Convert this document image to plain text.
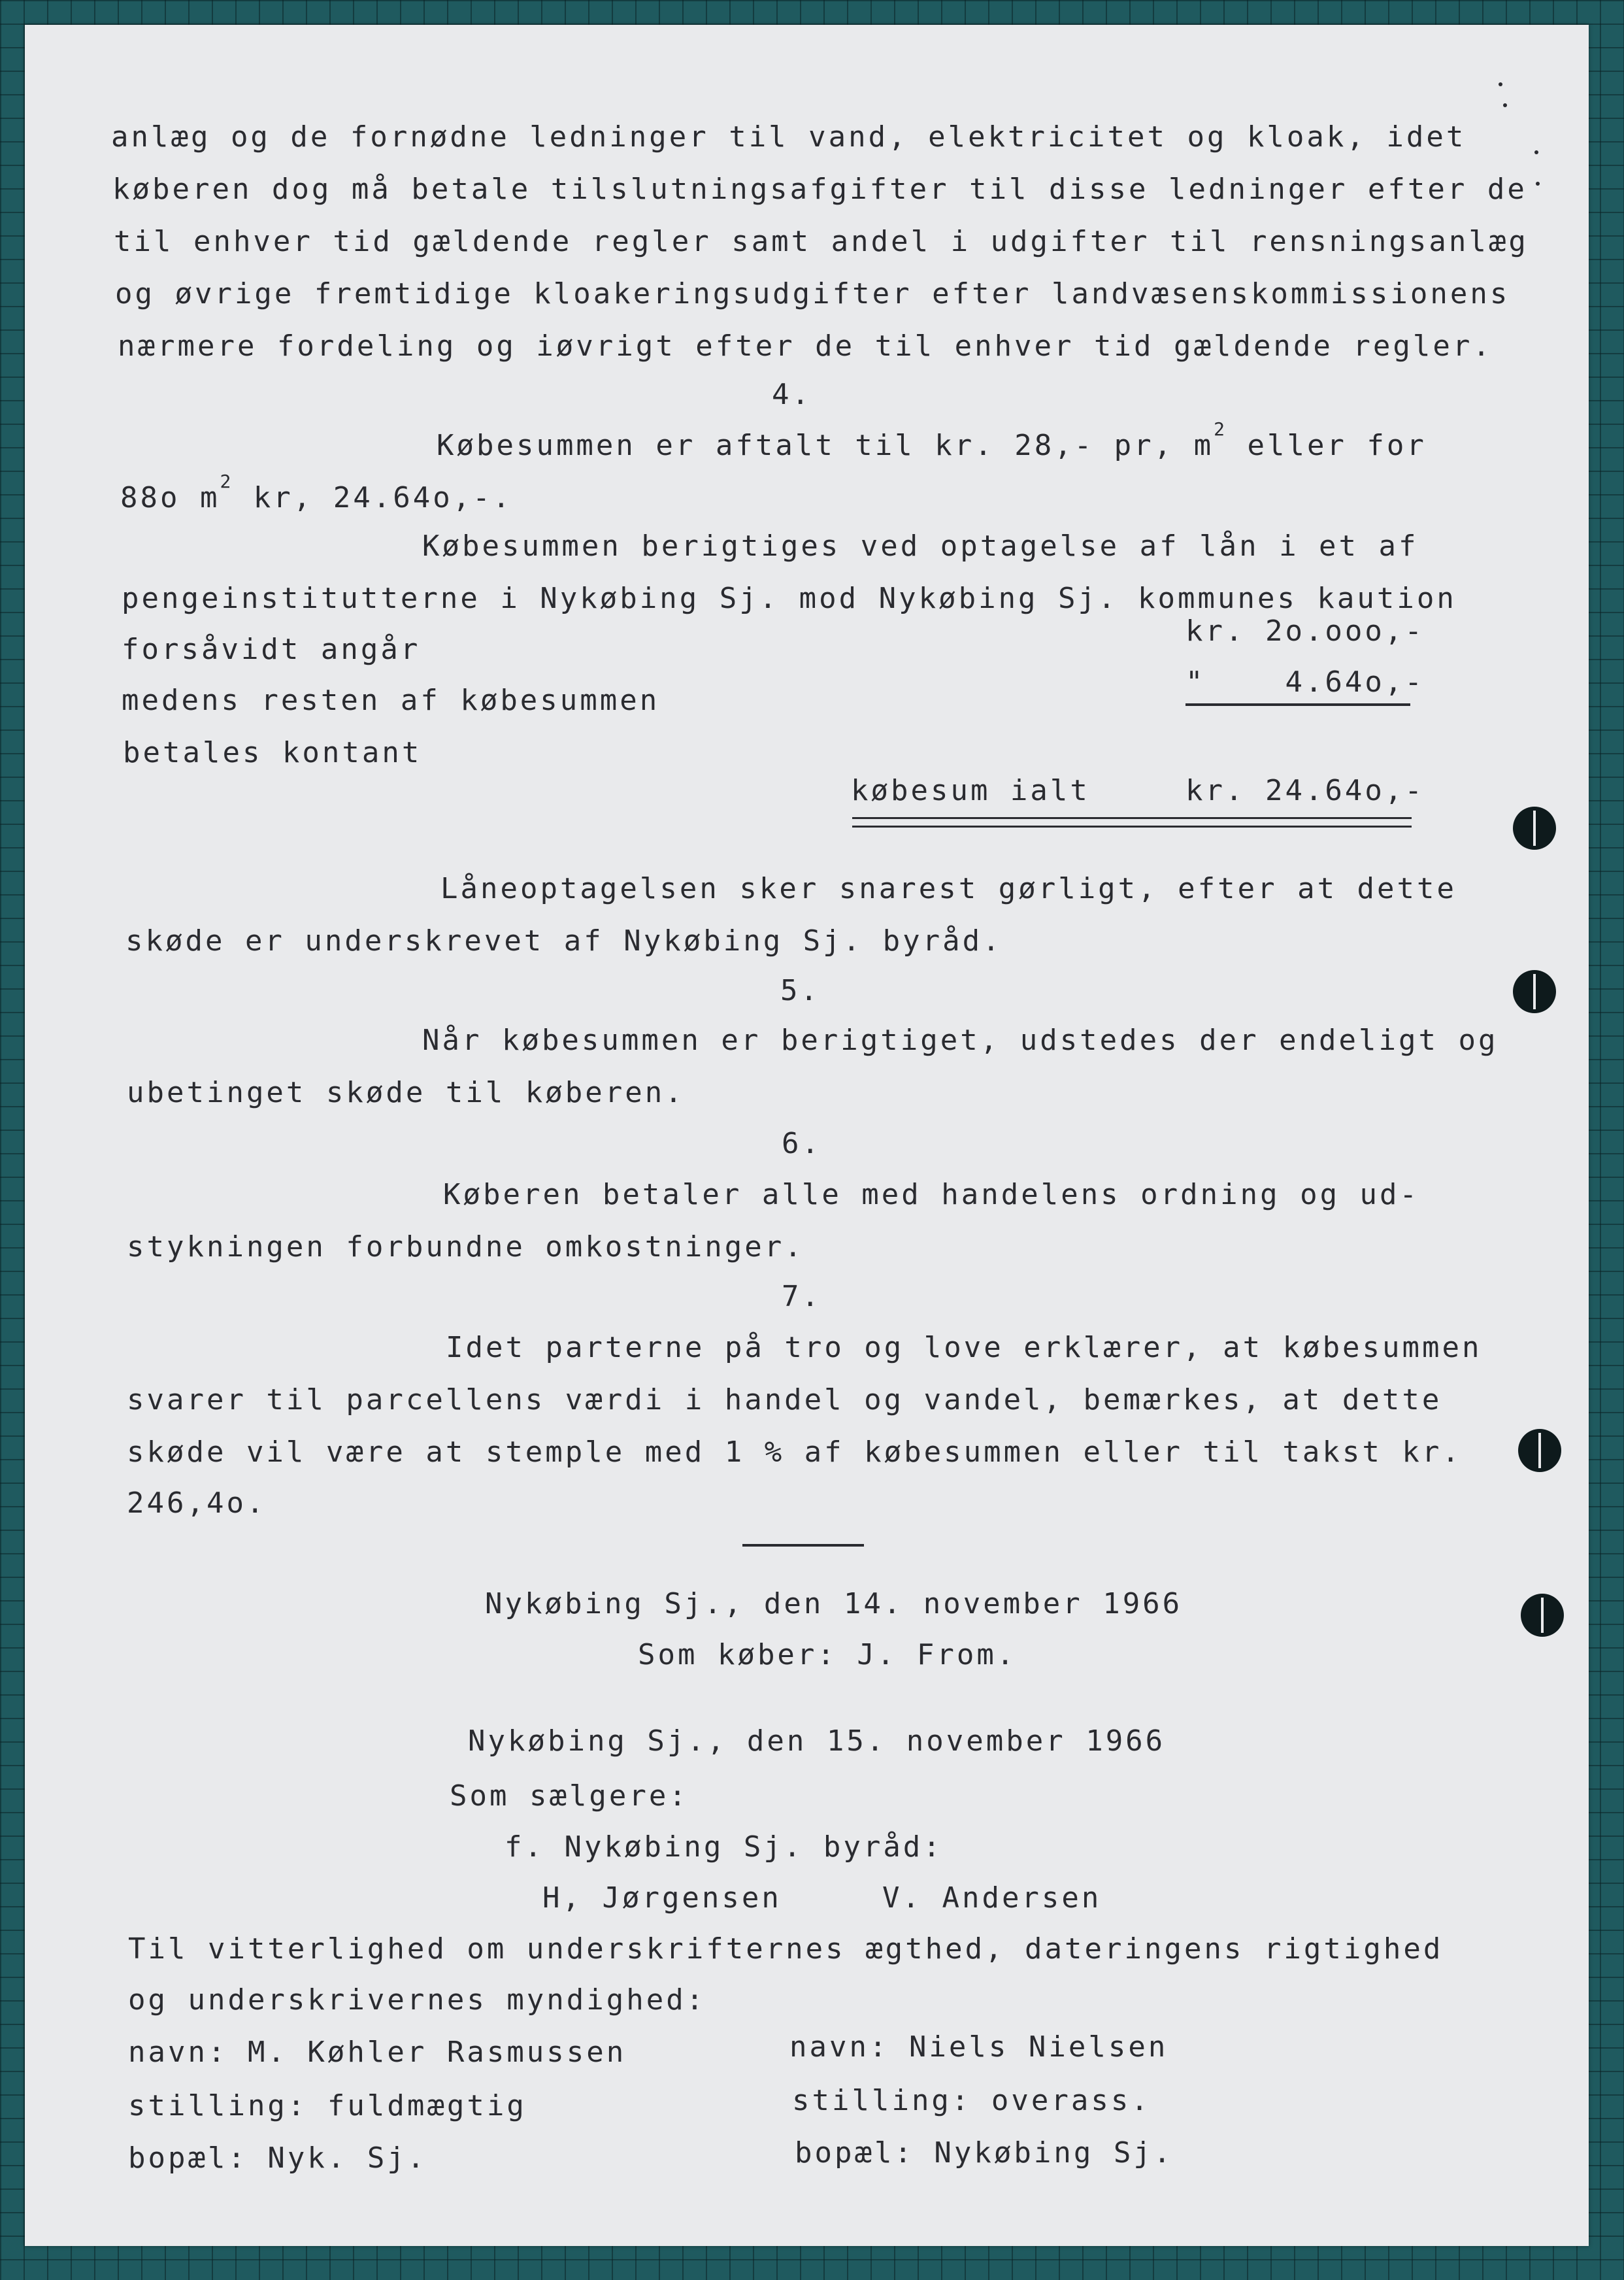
anlæg og de fornødne ledninger til vand, elektricitet og kloak, idet
køberen dog må betale tilslutningsafgifter til disse ledninger efter de
til enhver tid gældende regler samt andel i udgifter til rensningsanlæg
og øvrige fremtidige kloakeringsudgifter efter landvæsenskommissionens
nærmere fordeling og iøvrigt efter de til enhver tid gældende regler.
4.
Købesummen er aftalt til kr. 28,- pr, $m^2$ eller for
88o $m^2$ kr, 24.64o,-.
Købesummen berigtiges ved optagelse af lån i et af
pengeinstitutterne i Nykøbing Sj. mod Nykøbing Sj. kommunes kaution
forsåvidt angår
kr. 2o.ooo,-
medens resten af købesummen
"    4.64o,-
betales kontant
købesum ialt	kr. 24.64o,-
Låneoptagelsen sker snarest gørligt, efter at dette
skøde er underskrevet af Nykøbing Sj. byråd.
5.
Når købesummen er berigtiget, udstedes der endeligt og
ubetinget skøde til køberen.
6.
Køberen betaler alle med handelens ordning og ud-
stykningen forbundne omkostninger.
7.
Idet parterne på tro og love erklærer, at købesummen
svarer til parcellens værdi i handel og vandel, bemærkes, at dette
skøde vil være at stemple med 1 % af købesummen eller til takst kr.
246,4o.
Nykøbing Sj., den 14. november 1966
Som køber: J. From.
Nykøbing Sj., den 15. november 1966
Som sælgere:
f. Nykøbing Sj. byråd:
H, Jørgensen	V. Andersen
Til vitterlighed om underskrifternes ægthed, dateringens rigtighed
og underskrivernes myndighed:
navn: M. Køhler Rasmussen
stilling: fuldmægtig
bopæl: Nyk. Sj.
navn: Niels Nielsen
stilling: overass.
bopæl: Nykøbing Sj.
